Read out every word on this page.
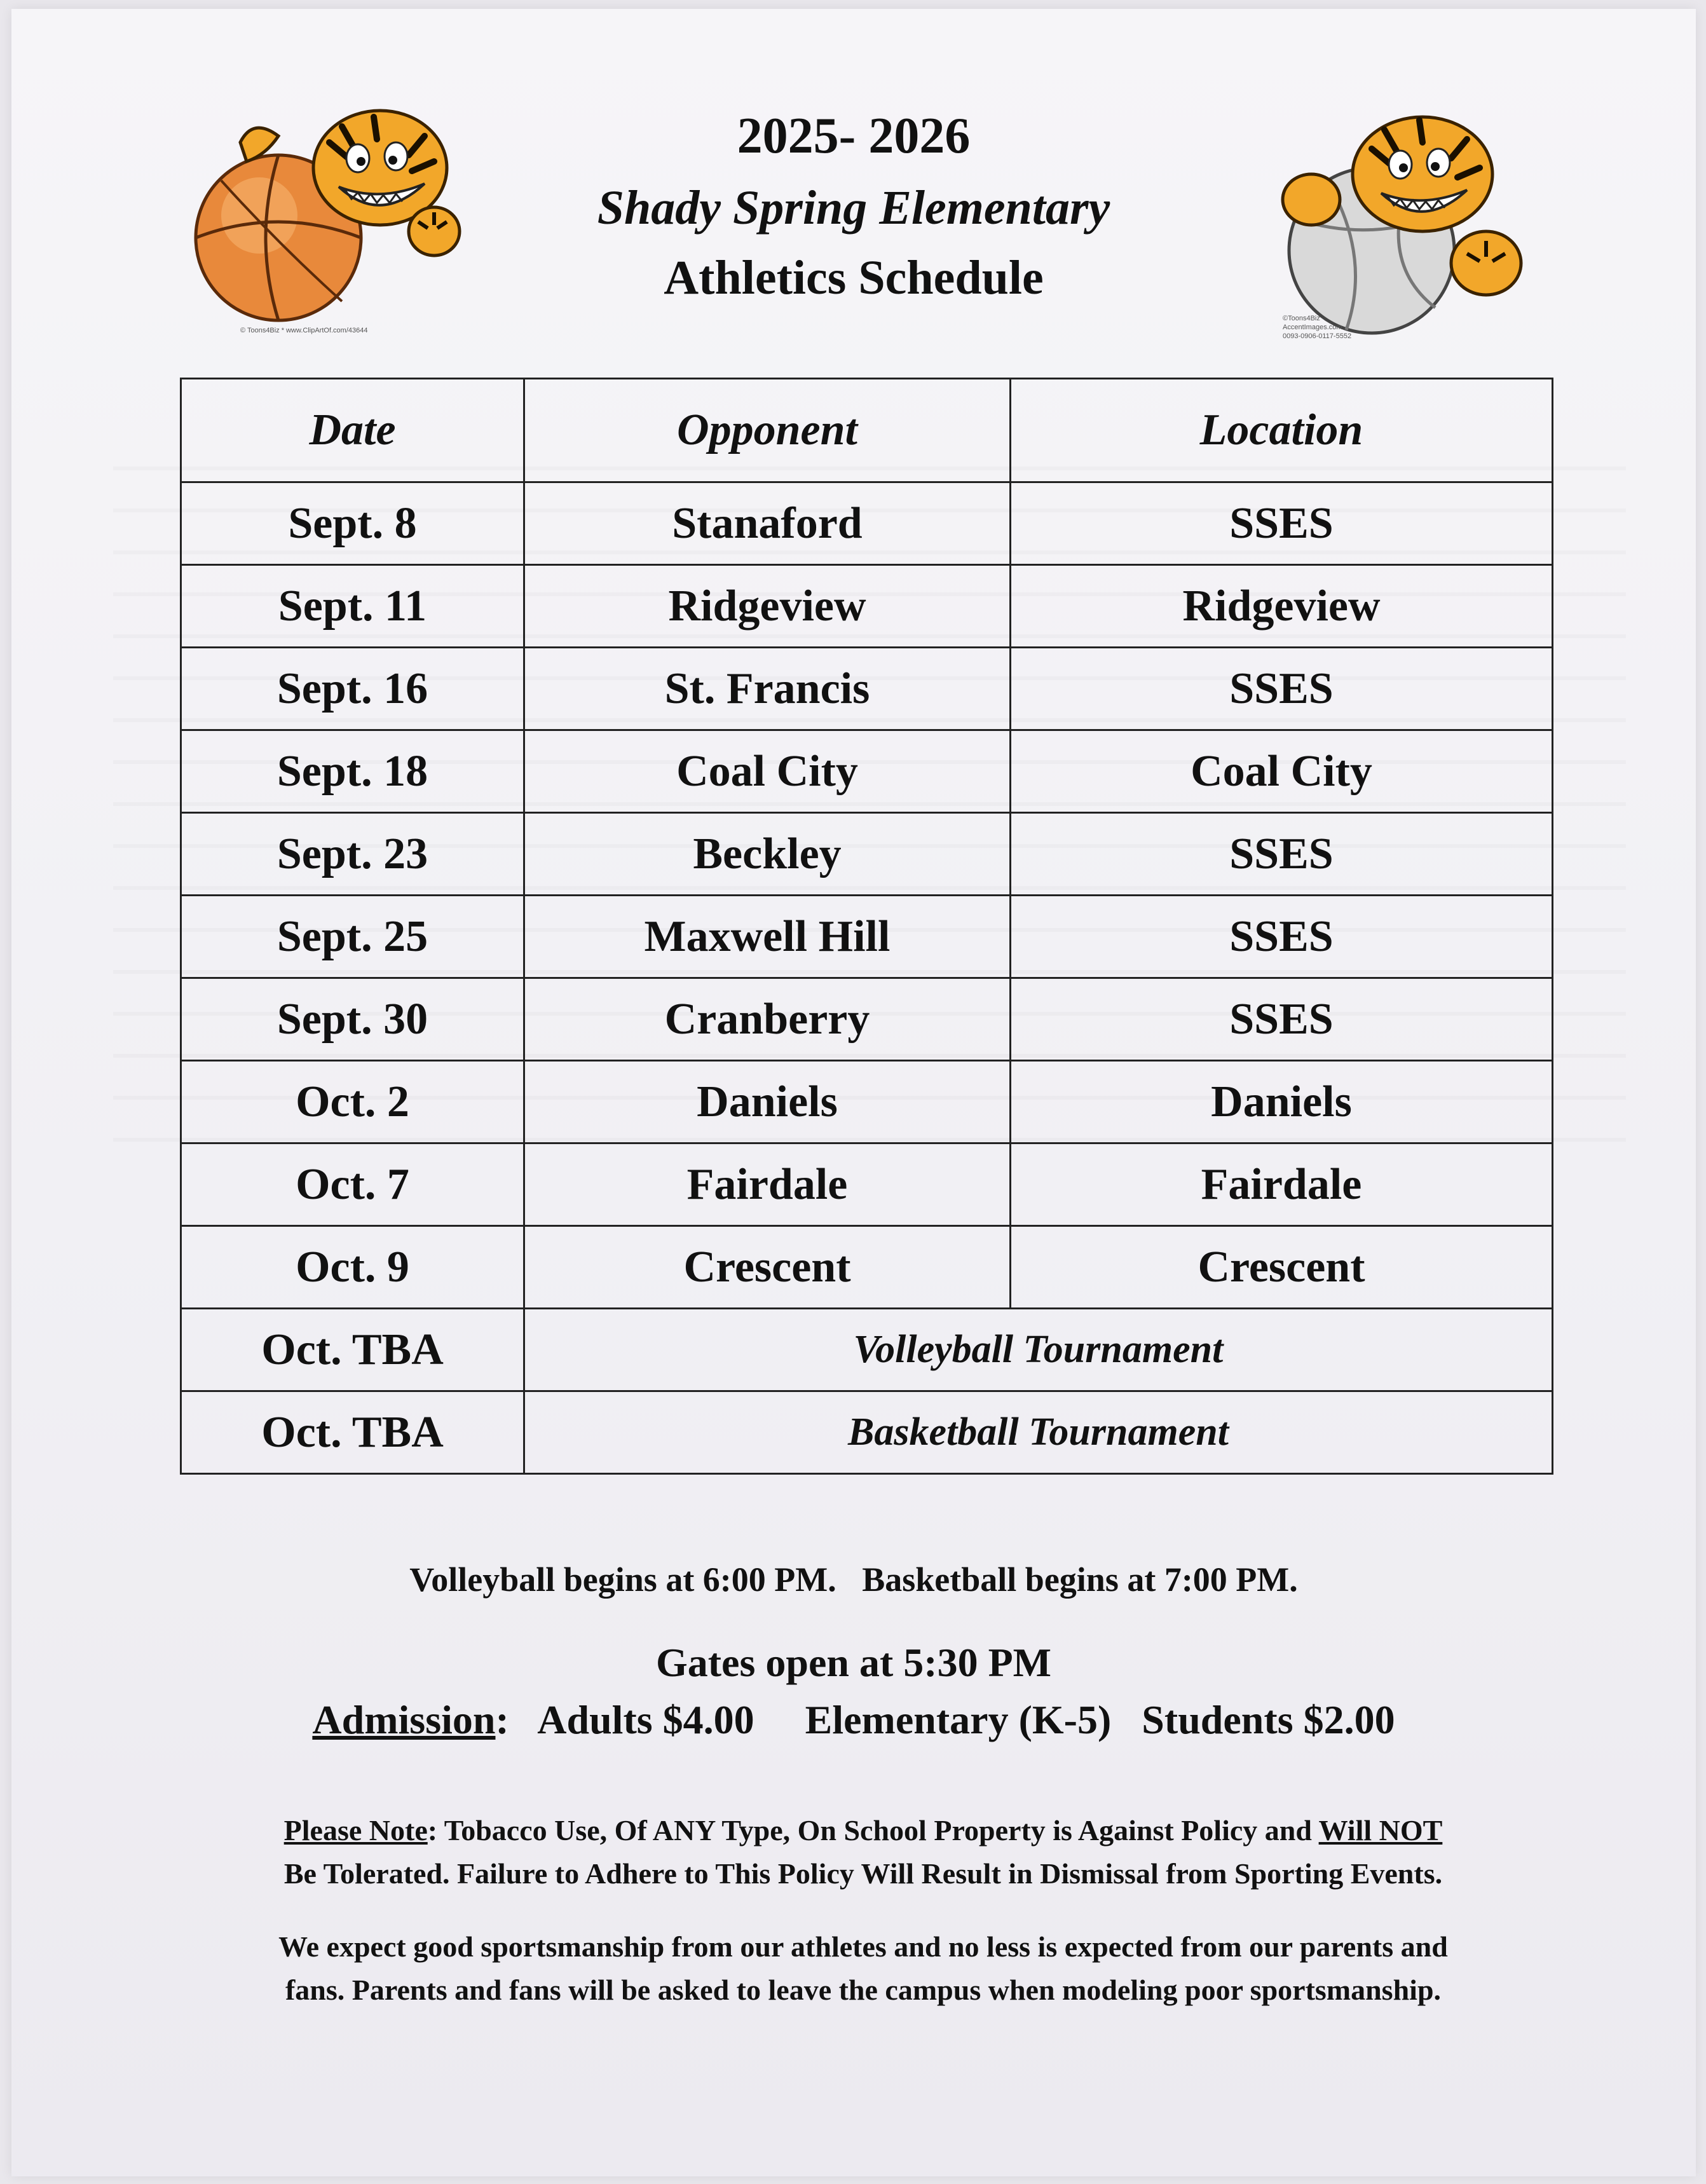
© Toons4Biz * www.ClipArtOf.com/43644
©Toons4Biz
AccentImages.com
0093-0906-0117-5552
2025- 2026
Shady Spring Elementary
Athletics Schedule
Date	Opponent	Location
Sept. 8	Stanaford	SSES
Sept. 11	Ridgeview	Ridgeview
Sept. 16	St. Francis	SSES
Sept. 18	Coal City	Coal City
Sept. 23	Beckley	SSES
Sept. 25	Maxwell Hill	SSES
Sept. 30	Cranberry	SSES
Oct. 2	Daniels	Daniels
Oct. 7	Fairdale	Fairdale
Oct. 9	Crescent	Crescent
Oct. TBA	Volleyball Tournament	
Oct. TBA	Basketball Tournament	
Volleyball begins at 6:00 PM.   Basketball begins at 7:00 PM.
Gates open at 5:30 PM
Admission:   Adults $4.00 Elementary (K-5)   Students $2.00
Please Note: Tobacco Use, Of ANY Type, On School Property is Against Policy and Will NOT
Be Tolerated. Failure to Adhere to This Policy Will Result in Dismissal from Sporting Events.
We expect good sportsmanship from our athletes and no less is expected from our parents and
fans. Parents and fans will be asked to leave the campus when modeling poor sportsmanship.
